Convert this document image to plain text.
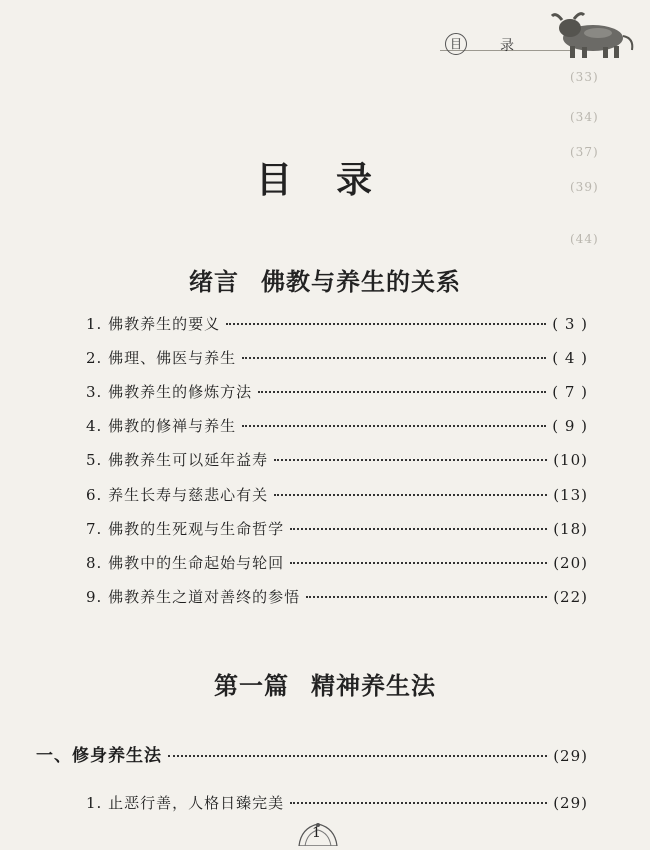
(33)
(34)
(37)
(39)
(44)
目	录
目录
绪言 佛教与养生的关系
1. 佛教养生的要义	( 3 )
2. 佛理、佛医与养生	( 4 )
3. 佛教养生的修炼方法	( 7 )
4. 佛教的修禅与养生	( 9 )
5. 佛教养生可以延年益寿	(10)
6. 养生长寿与慈悲心有关	(13)
7. 佛教的生死观与生命哲学	(18)
8. 佛教中的生命起始与轮回	(20)
9. 佛教养生之道对善终的参悟	(22)
第一篇 精神养生法
一、修身养生法	(29)
1. 止恶行善，人格日臻完美	(29)
1
